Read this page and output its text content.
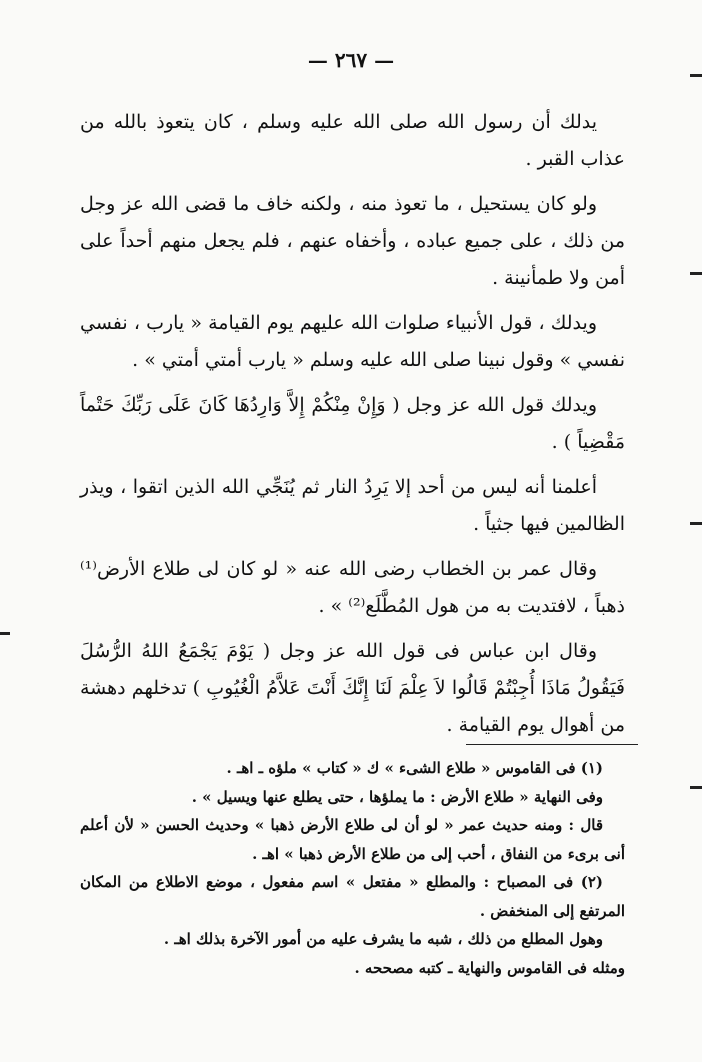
— ٢٦٧ —

يدلك أن رسول الله صلى الله عليه وسلم ، كان يتعوذ بالله من عذاب القبر .

ولو كان يستحيل ، ما تعوذ منه ، ولكنه خاف ما قضى الله عز وجل من ذلك ، على جميع عباده ، وأخفاه عنهم ، فلم يجعل منهم أحداً على أمن ولا طمأنينة .

ويدلك ، قول الأنبياء صلوات الله عليهم يوم القيامة « يارب ، نفسي نفسي » وقول نبينا صلى الله عليه وسلم « يارب أمتي أمتي » .

ويدلك قول الله عز وجل ( وَإِنْ مِنْكُمْ إِلاَّ وَارِدُهَا كَانَ عَلَى رَبِّكَ حَتْماً مَقْضِياً ) .

أعلمنا أنه ليس من أحد إلا يَرِدُ النار ثم يُنَجِّي الله الذين اتقوا ، ويذر الظالمين فيها جثياً .

وقال عمر بن الخطاب رضى الله عنه « لو كان لى طلاع الأرض⁽¹⁾ ذهباً ، لافتديت به من هول المُطَّلَع⁽²⁾ » .

وقال ابن عباس فى قول الله عز وجل ( يَوْمَ يَجْمَعُ اللهُ الرُّسُلَ فَيَقُولُ مَاذَا أُجِبْتُمْ قَالُوا لاَ عِلْمَ لَنَا إِنَّكَ أَنْتَ عَلاَّمُ الْغُيُوبِ ) تدخلهم دهشة من أهوال يوم القيامة .

(١) فى القاموس « طلاع الشىء » ك « كتاب » ملؤه ـ اهـ .

وفى النهاية « طلاع الأرض : ما يملؤها ، حتى يطلع عنها ويسيل » .

قال : ومنه حديث عمر « لو أن لى طلاع الأرض ذهبا » وحديث الحسن « لأن أعلم أنى برىء من النفاق ، أحب إلى من طلاع الأرض ذهبا » اهـ .

(٢) فى المصباح : والمطلع « مفتعل » اسم مفعول ، موضع الاطلاع من المكان المرتفع إلى المنخفض .

وهول المطلع من ذلك ، شبه ما يشرف عليه من أمور الآخرة بذلك اهـ .

ومثله فى القاموس والنهاية ـ كتبه مصححه .
